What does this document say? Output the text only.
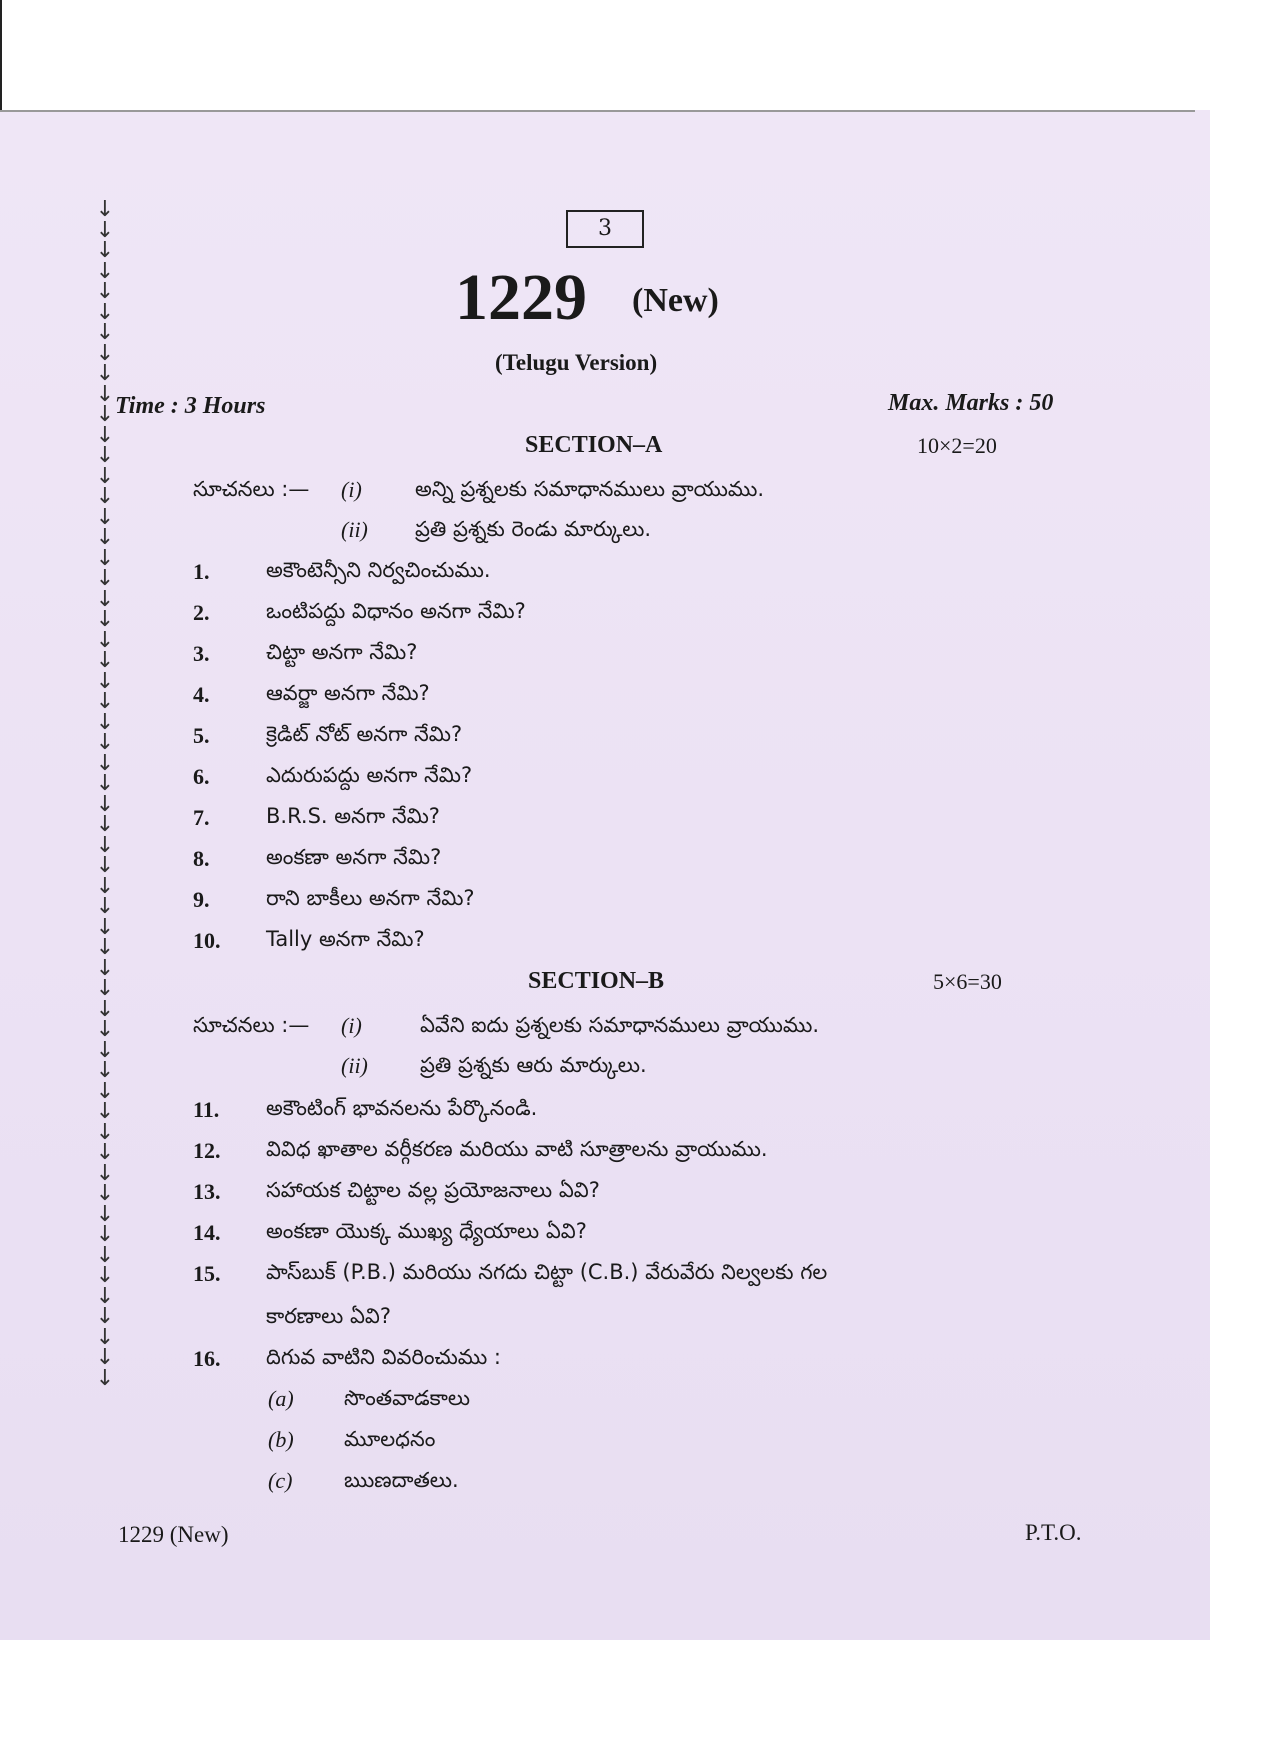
↓
↓
↓
↓
↓
↓
↓
↓
↓
↓
↓
↓
↓
↓
↓
↓
↓
↓
↓
↓
↓
↓
↓
↓
↓
↓
↓
↓
↓
↓
↓
↓
↓
↓
↓
↓
↓
↓
↓
↓
↓
↓
↓
↓
↓
↓
↓
↓
↓
↓
↓
↓
↓
↓
↓
↓
↓
↓
3
1229 (New)
(Telugu Version)
Time : 3 Hours	Max. Marks : 50
SECTION–A	10×2=20
సూచనలు :— (i)	అన్ని ప్రశ్నలకు సమాధానములు వ్రాయుము.
(ii) ప్రతి ప్రశ్నకు రెండు మార్కులు.
1.	అకౌంటెన్సీని నిర్వచించుము.
2.	ఒంటిపద్దు విధానం అనగా నేమి?
3.	చిట్టా అనగా నేమి?
4.	ఆవర్జా అనగా నేమి?
5.	క్రెడిట్ నోట్ అనగా నేమి?
6.	ఎదురుపద్దు అనగా నేమి?
7.	B.R.S. అనగా నేమి?
8.	అంకణా అనగా నేమి?
9.	రాని బాకీలు అనగా నేమి?
10. Tally అనగా నేమి?
SECTION–B	5×6=30
సూచనలు :— (i)	ఏవేని ఐదు ప్రశ్నలకు సమాధానములు వ్రాయుము.
(ii) ప్రతి ప్రశ్నకు ఆరు మార్కులు.
11. అకౌంటింగ్ భావనలను పేర్కొనండి.
12. వివిధ ఖాతాల వర్గీకరణ మరియు వాటి సూత్రాలను వ్రాయుము.
13. సహాయక చిట్టాల వల్ల ప్రయోజనాలు ఏవి?
14. అంకణా యొక్క ముఖ్య ధ్యేయాలు ఏవి?
15. పాస్‌బుక్ (P.B.) మరియు నగదు చిట్టా (C.B.) వేరువేరు నిల్వలకు గల
16. దిగువ వాటిని వివరించుము :
కారణాలు ఏవి?
(a) సొంతవాడకాలు
(b) మూలధనం
(c) ఋణదాతలు.
1229 (New)	P.T.O.
